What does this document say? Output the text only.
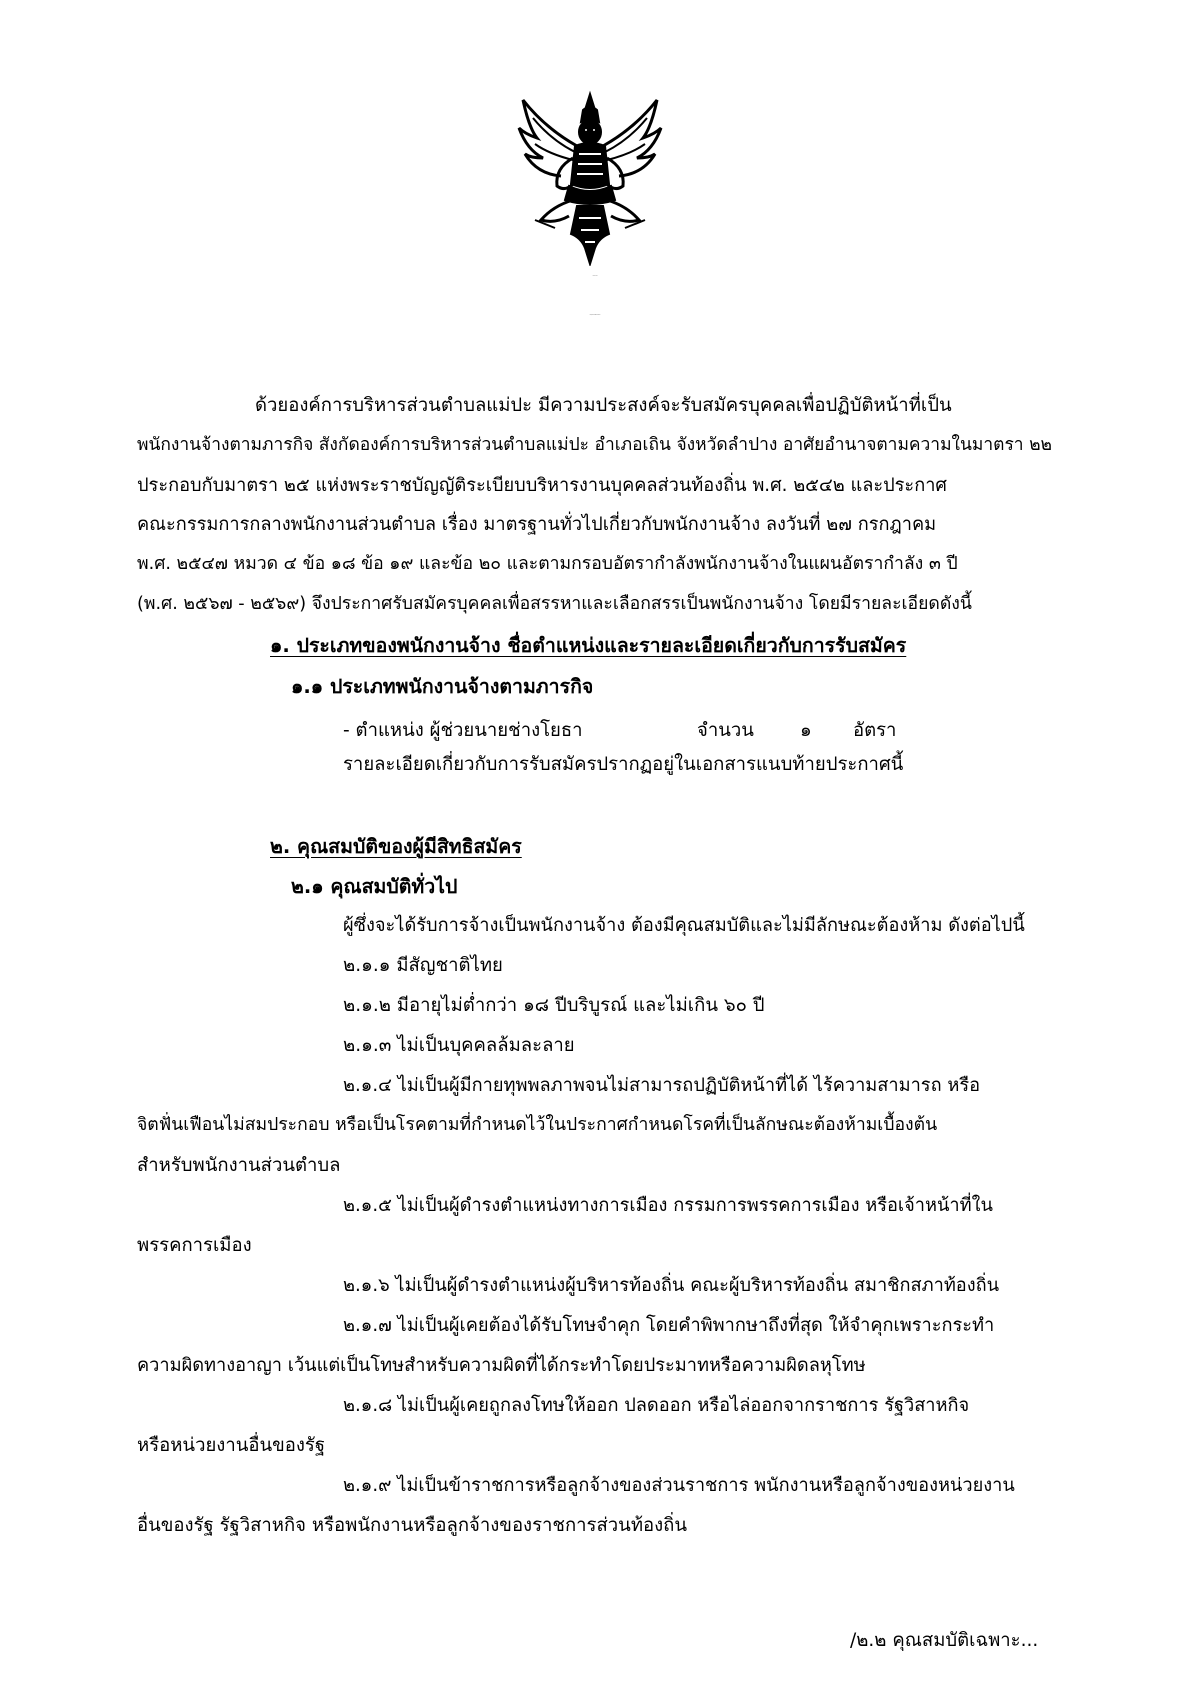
ด้วยองค์การบริหารส่วนตำบลแม่ปะ มีความประสงค์จะรับสมัครบุคคลเพื่อปฏิบัติหน้าที่เป็น
พนักงานจ้างตามภารกิจ สังกัดองค์การบริหารส่วนตำบลแม่ปะ อำเภอเถิน จังหวัดลำปาง อาศัยอำนาจตามความในมาตรา ๒๒
ประกอบกับมาตรา ๒๕ แห่งพระราชบัญญัติระเบียบบริหารงานบุคคลส่วนท้องถิ่น พ.ศ. ๒๕๔๒ และประกาศ
คณะกรรมการกลางพนักงานส่วนตำบล เรื่อง มาตรฐานทั่วไปเกี่ยวกับพนักงานจ้าง ลงวันที่ ๒๗ กรกฎาคม
พ.ศ. ๒๕๔๗ หมวด ๔ ข้อ ๑๘ ข้อ ๑๙ และข้อ ๒๐ และตามกรอบอัตรากำลังพนักงานจ้างในแผนอัตรากำลัง ๓ ปี
(พ.ศ. ๒๕๖๗ - ๒๕๖๙) จึงประกาศรับสมัครบุคคลเพื่อสรรหาและเลือกสรรเป็นพนักงานจ้าง โดยมีรายละเอียดดังนี้
๑. ประเภทของพนักงานจ้าง ชื่อตำแหน่งและรายละเอียดเกี่ยวกับการรับสมัคร
๑.๑ ประเภทพนักงานจ้างตามภารกิจ
- ตำแหน่ง ผู้ช่วยนายช่างโยธา	จำนวน ๑ อัตรา
รายละเอียดเกี่ยวกับการรับสมัครปรากฏอยู่ในเอกสารแนบท้ายประกาศนี้
๒. คุณสมบัติของผู้มีสิทธิสมัคร
๒.๑ คุณสมบัติทั่วไป
ผู้ซึ่งจะได้รับการจ้างเป็นพนักงานจ้าง ต้องมีคุณสมบัติและไม่มีลักษณะต้องห้าม ดังต่อไปนี้
๒.๑.๑ มีสัญชาติไทย
๒.๑.๒ มีอายุไม่ต่ำกว่า ๑๘ ปีบริบูรณ์ และไม่เกิน ๖๐ ปี
๒.๑.๓ ไม่เป็นบุคคลล้มละลาย
๒.๑.๔ ไม่เป็นผู้มีกายทุพพลภาพจนไม่สามารถปฏิบัติหน้าที่ได้ ไร้ความสามารถ หรือ
จิตฟั่นเฟือนไม่สมประกอบ หรือเป็นโรคตามที่กำหนดไว้ในประกาศกำหนดโรคที่เป็นลักษณะต้องห้ามเบื้องต้น
สำหรับพนักงานส่วนตำบล
๒.๑.๕ ไม่เป็นผู้ดำรงตำแหน่งทางการเมือง กรรมการพรรคการเมือง หรือเจ้าหน้าที่ใน
พรรคการเมือง
๒.๑.๖ ไม่เป็นผู้ดำรงตำแหน่งผู้บริหารท้องถิ่น คณะผู้บริหารท้องถิ่น สมาชิกสภาท้องถิ่น
๒.๑.๗ ไม่เป็นผู้เคยต้องได้รับโทษจำคุก โดยคำพิพากษาถึงที่สุด ให้จำคุกเพราะกระทำ
ความผิดทางอาญา เว้นแต่เป็นโทษสำหรับความผิดที่ได้กระทำโดยประมาทหรือความผิดลหุโทษ
๒.๑.๘ ไม่เป็นผู้เคยถูกลงโทษให้ออก ปลดออก หรือไล่ออกจากราชการ รัฐวิสาหกิจ
หรือหน่วยงานอื่นของรัฐ
๒.๑.๙ ไม่เป็นข้าราชการหรือลูกจ้างของส่วนราชการ พนักงานหรือลูกจ้างของหน่วยงาน
อื่นของรัฐ รัฐวิสาหกิจ หรือพนักงานหรือลูกจ้างของราชการส่วนท้องถิ่น
/๒.๒ คุณสมบัติเฉพาะ...
